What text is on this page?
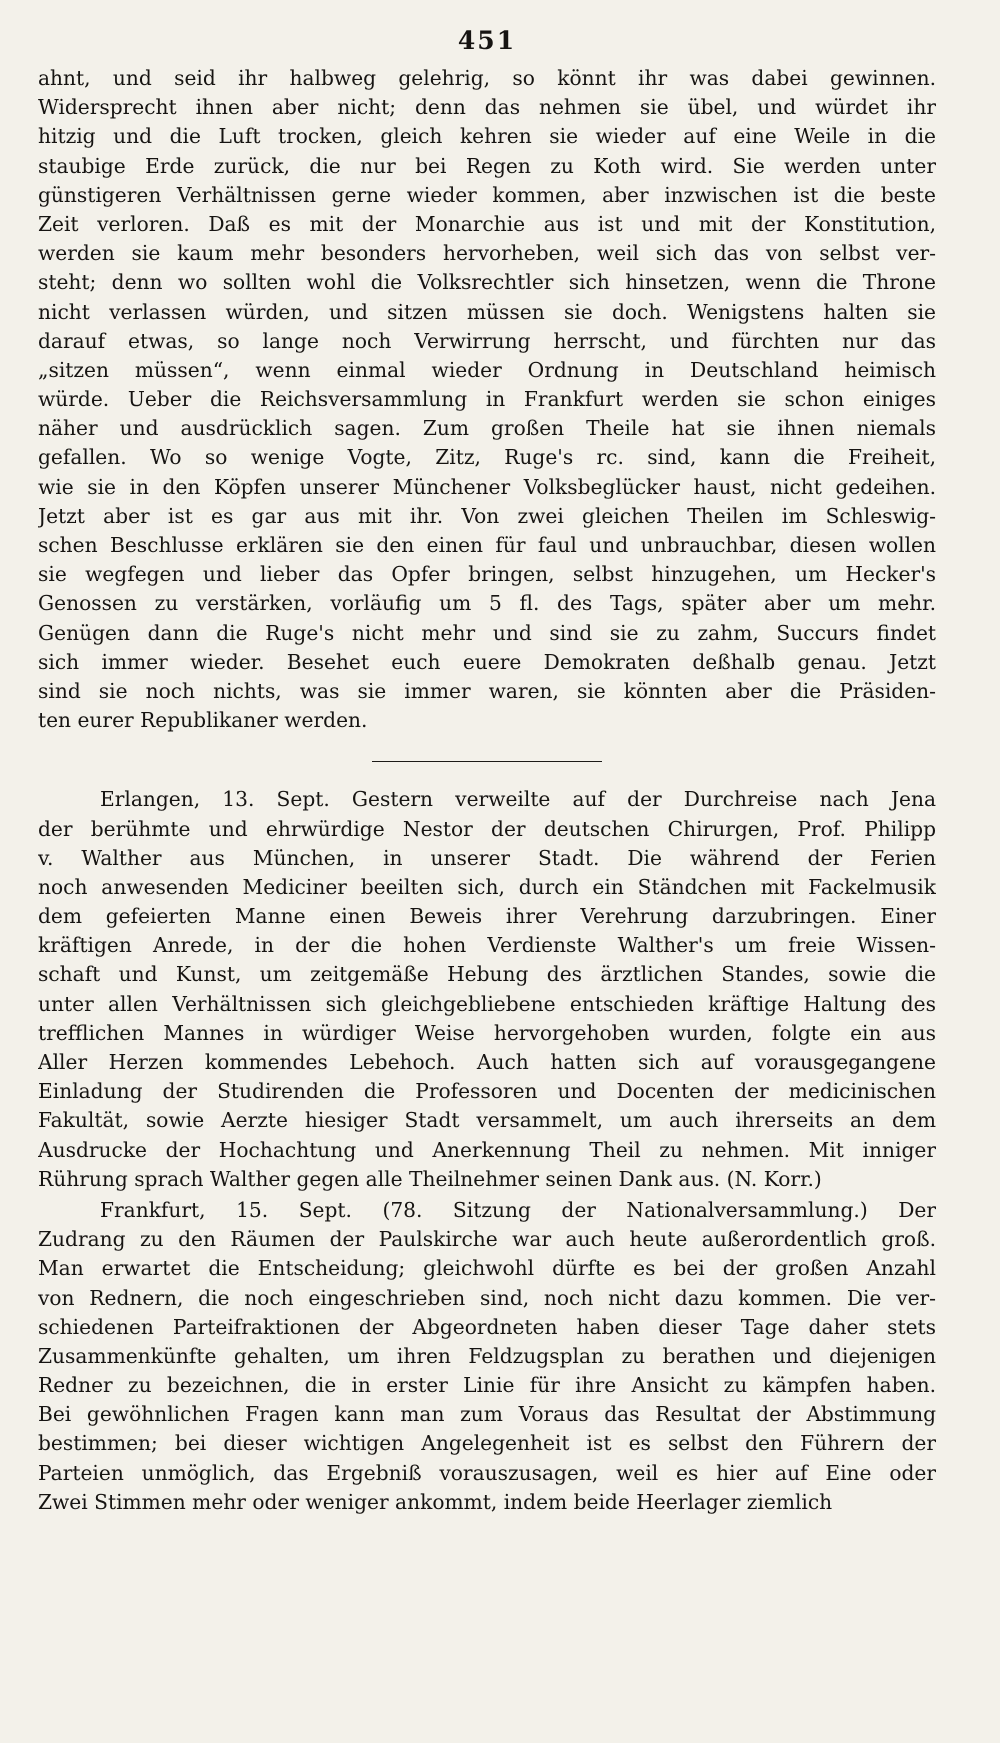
451
ahnt, und seid ihr halbweg gelehrig, so könnt ihr was dabei gewinnen.
Widersprecht ihnen aber nicht; denn das nehmen sie übel, und würdet ihr
hitzig und die Luft trocken, gleich kehren sie wieder auf eine Weile in die
staubige Erde zurück, die nur bei Regen zu Koth wird. Sie werden unter
günstigeren Verhältnissen gerne wieder kommen, aber inzwischen ist die beste
Zeit verloren. Daß es mit der Monarchie aus ist und mit der Konstitution,
werden sie kaum mehr besonders hervorheben, weil sich das von selbst ver-
steht; denn wo sollten wohl die Volksrechtler sich hinsetzen, wenn die Throne
nicht verlassen würden, und sitzen müssen sie doch. Wenigstens halten sie
darauf etwas, so lange noch Verwirrung herrscht, und fürchten nur das
„sitzen müssen“, wenn einmal wieder Ordnung in Deutschland heimisch
würde. Ueber die Reichsversammlung in Frankfurt werden sie schon einiges
näher und ausdrücklich sagen. Zum großen Theile hat sie ihnen niemals
gefallen. Wo so wenige Vogte, Zitz, Ruge's rc. sind, kann die Freiheit,
wie sie in den Köpfen unserer Münchener Volksbeglücker haust, nicht gedeihen.
Jetzt aber ist es gar aus mit ihr. Von zwei gleichen Theilen im Schleswig-
schen Beschlusse erklären sie den einen für faul und unbrauchbar, diesen wollen
sie wegfegen und lieber das Opfer bringen, selbst hinzugehen, um Hecker's
Genossen zu verstärken, vorläufig um 5 fl. des Tags, später aber um mehr.
Genügen dann die Ruge's nicht mehr und sind sie zu zahm, Succurs findet
sich immer wieder. Besehet euch euere Demokraten deßhalb genau. Jetzt
sind sie noch nichts, was sie immer waren, sie könnten aber die Präsiden-
ten eurer Republikaner werden.
Erlangen, 13. Sept. Gestern verweilte auf der Durchreise nach Jena
der berühmte und ehrwürdige Nestor der deutschen Chirurgen, Prof. Philipp
v. Walther aus München, in unserer Stadt. Die während der Ferien
noch anwesenden Mediciner beeilten sich, durch ein Ständchen mit Fackelmusik
dem gefeierten Manne einen Beweis ihrer Verehrung darzubringen. Einer
kräftigen Anrede, in der die hohen Verdienste Walther's um freie Wissen-
schaft und Kunst, um zeitgemäße Hebung des ärztlichen Standes, sowie die
unter allen Verhältnissen sich gleichgebliebene entschieden kräftige Haltung des
trefflichen Mannes in würdiger Weise hervorgehoben wurden, folgte ein aus
Aller Herzen kommendes Lebehoch. Auch hatten sich auf vorausgegangene
Einladung der Studirenden die Professoren und Docenten der medicinischen
Fakultät, sowie Aerzte hiesiger Stadt versammelt, um auch ihrerseits an dem
Ausdrucke der Hochachtung und Anerkennung Theil zu nehmen. Mit inniger
Rührung sprach Walther gegen alle Theilnehmer seinen Dank aus. (N. Korr.)
Frankfurt, 15. Sept. (78. Sitzung der Nationalversammlung.) Der
Zudrang zu den Räumen der Paulskirche war auch heute außerordentlich groß.
Man erwartet die Entscheidung; gleichwohl dürfte es bei der großen Anzahl
von Rednern, die noch eingeschrieben sind, noch nicht dazu kommen. Die ver-
schiedenen Parteifraktionen der Abgeordneten haben dieser Tage daher stets
Zusammenkünfte gehalten, um ihren Feldzugsplan zu berathen und diejenigen
Redner zu bezeichnen, die in erster Linie für ihre Ansicht zu kämpfen haben.
Bei gewöhnlichen Fragen kann man zum Voraus das Resultat der Abstimmung
bestimmen; bei dieser wichtigen Angelegenheit ist es selbst den Führern der
Parteien unmöglich, das Ergebniß vorauszusagen, weil es hier auf Eine oder
Zwei Stimmen mehr oder weniger ankommt, indem beide Heerlager ziemlich
